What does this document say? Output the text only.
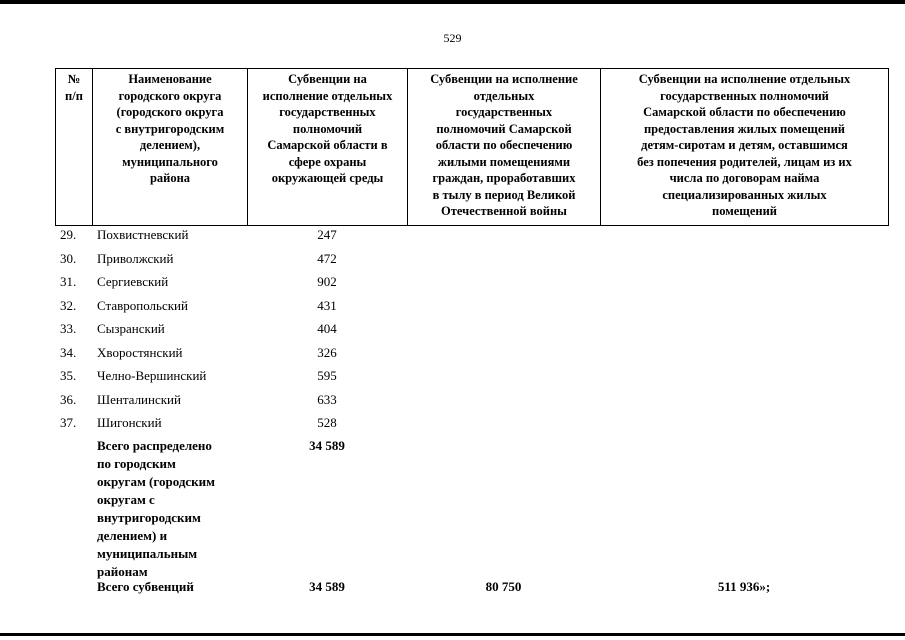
529
№
п/п

Наименование
городского округа
(городского округа
с внутригородским
делением),
муниципального
района

Субвенции на
исполнение отдельных
государственных
полномочий
Самарской области в
сфере охраны
окружающей среды

Субвенции на исполнение
отдельных
государственных
полномочий Самарской
области по обеспечению
жилыми помещениями
граждан, проработавших
в тылу в период Великой
Отечественной войны

Субвенции на исполнение отдельных
государственных полномочий
Самарской области по обеспечению
предоставления жилых помещений
детям-сиротам и детям, оставшимся
без попечения родителей, лицам из их
числа по договорам найма
специализированных жилых
помещений
29.	Похвистневский	247
30.	Приволжский	472
31.	Сергиевский	902
32.	Ставропольский	431
33.	Сызранский	404
34.	Хворостянский	326
35.	Челно-Вершинский	595
36.	Шенталинский	633
37.	Шигонский	528
Всего распределено
по городским
округам (городским
округам с
внутригородским
делением) и
муниципальным
районам
34 589
Всего субвенций	34 589	80 750	511 936»;
